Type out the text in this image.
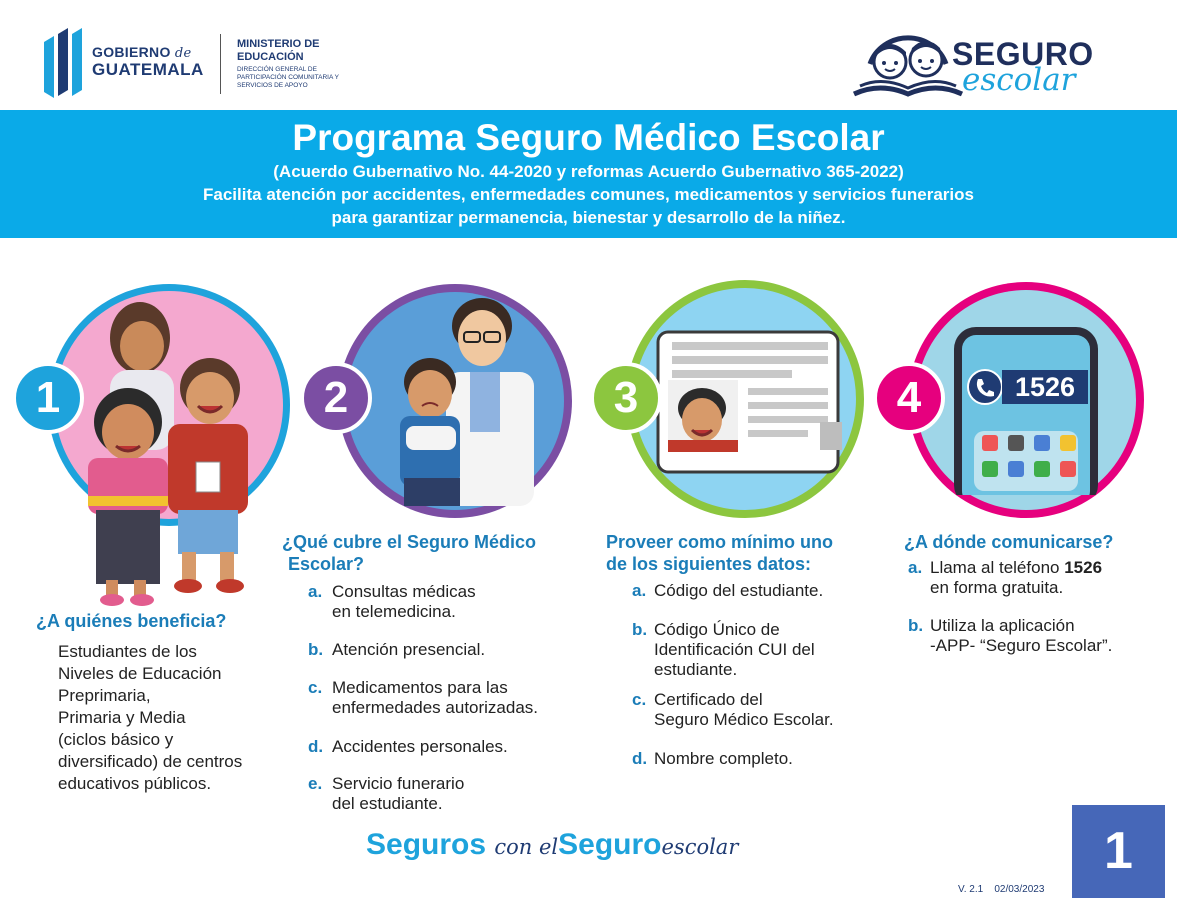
GOBIERNO de
GUATEMALA
MINISTERIO DE EDUCACIÓN
DIRECCIÓN GENERAL DE PARTICIPACIÓN COMUNITARIA Y SERVICIOS DE APOYO
SEGURO
escolar
Programa Seguro Médico Escolar
(Acuerdo Gubernativo No. 44-2020 y reformas Acuerdo Gubernativo 365-2022)
Facilita atención por accidentes, enfermedades comunes, medicamentos y servicios funerarios
para garantizar permanencia, bienestar y desarrollo de la niñez.
1
¿A quiénes beneficia?
Estudiantes de los
Niveles de Educación
Preprimaria,
Primaria y Media
(ciclos básico y
diversificado) de centros
educativos públicos.
2
¿Qué cubre el Seguro Médico
Escolar?
a. Consultas médicas
en telemedicina.
b. Atención presencial.
c. Medicamentos para las
enfermedades autorizadas.
d. Accidentes personales.
e. Servicio funerario
del estudiante.
3
Proveer como mínimo uno
de los siguientes datos:
a. Código del estudiante.
b. Código Único de
Identificación CUI del
estudiante.
c. Certificado del
Seguro Médico Escolar.
d. Nombre completo.
1526
4
¿A dónde comunicarse?
a. Llama al teléfono 1526
en forma gratuita.
b. Utiliza la aplicación
-APP- “Seguro Escolar”.
Seguros con elSeguroescolar	1
V. 2.1 02/03/2023
